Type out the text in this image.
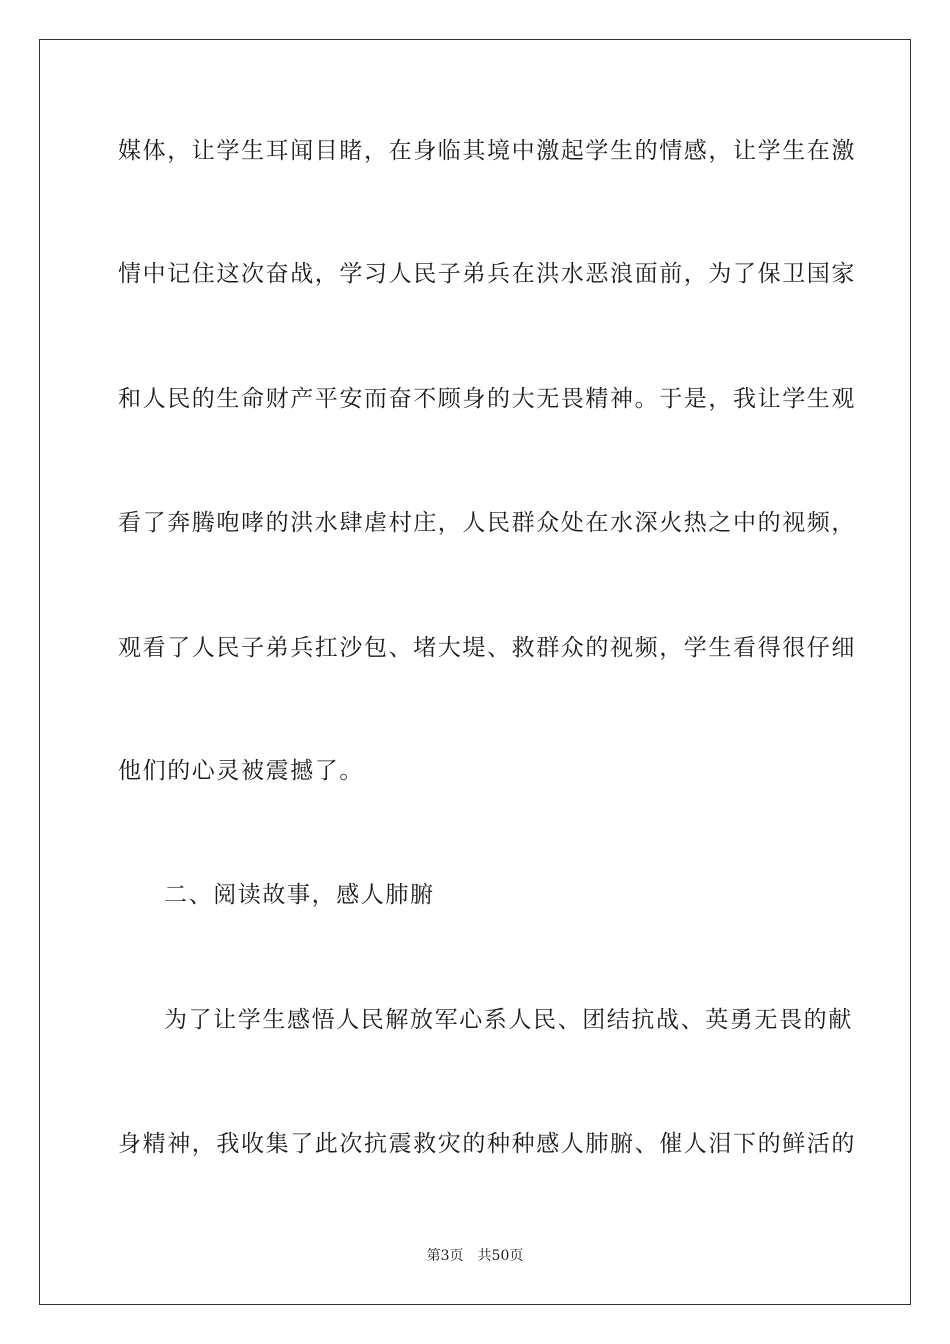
媒体，让学生耳闻目睹，在身临其境中激起学生的情感，让学生在激
情中记住这次奋战，学习人民子弟兵在洪水恶浪面前，为了保卫国家
和人民的生命财产平安而奋不顾身的大无畏精神。于是，我让学生观
看了奔腾咆哮的洪水肆虐村庄，人民群众处在水深火热之中的视频，
观看了人民子弟兵扛沙包、堵大堤、救群众的视频，学生看得很仔细
他们的心灵被震撼了。
二、阅读故事，感人肺腑
为了让学生感悟人民解放军心系人民、团结抗战、英勇无畏的献
身精神，我收集了此次抗震救灾的种种感人肺腑、催人泪下的鲜活的
第3页 共50页
